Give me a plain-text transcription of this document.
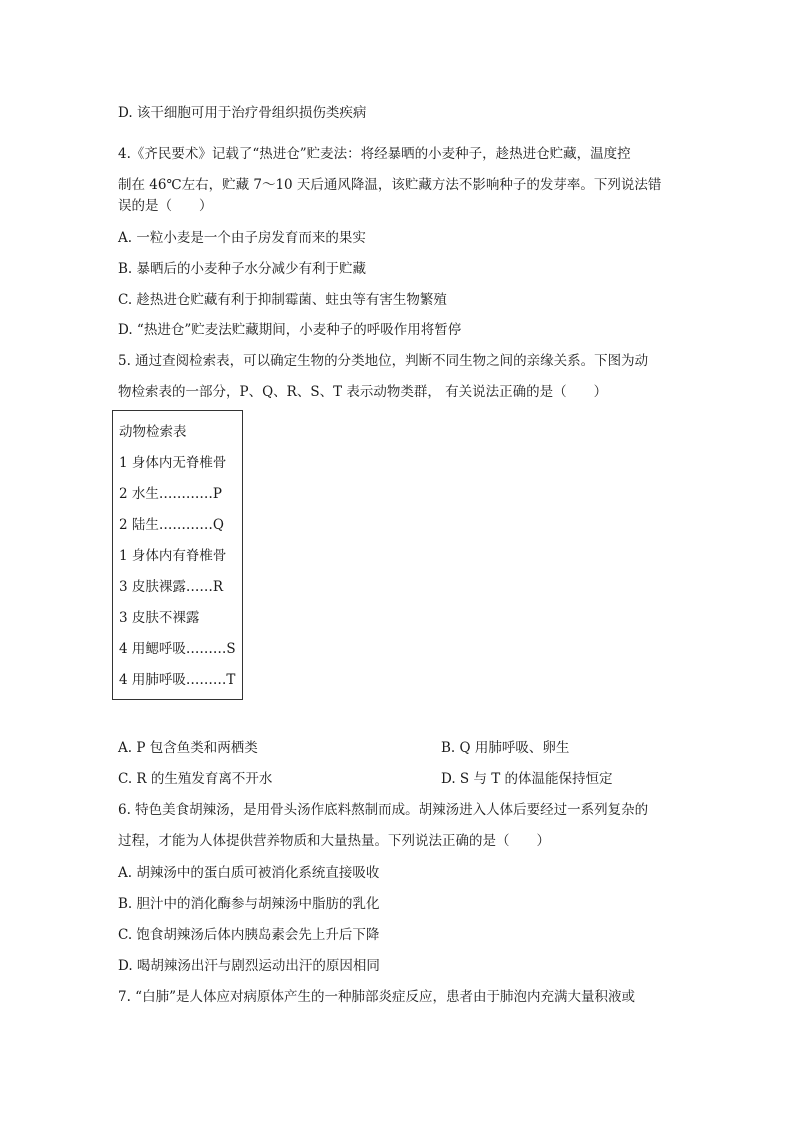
D. 该干细胞可用于治疗骨组织损伤类疾病
4.《齐民要术》记载了“热进仓”贮麦法：将经暴晒的小麦种子，趁热进仓贮藏，温度控
制在 46℃左右，贮藏 7～10 天后通风降温，该贮藏方法不影响种子的发芽率。下列说法错
误的是（　　）
A. 一粒小麦是一个由子房发育而来的果实
B. 暴晒后的小麦种子水分减少有利于贮藏
C. 趁热进仓贮藏有利于抑制霉菌、蛀虫等有害生物繁殖
D. “热进仓”贮麦法贮藏期间，小麦种子的呼吸作用将暂停
5. 通过查阅检索表，可以确定生物的分类地位，判断不同生物之间的亲缘关系。下图为动
物检索表的一部分，P、Q、R、S、T 表示动物类群， 有关说法正确的是（　　）
动物检索表
1 身体内无脊椎骨
2 水生…………P
2 陆生…………Q
1 身体内有脊椎骨
3 皮肤裸露……R
3 皮肤不裸露
4 用鳃呼吸………S
4 用肺呼吸………T
A. P 包含鱼类和两栖类	B. Q 用肺呼吸、卵生
C. R 的生殖发育离不开水	D. S 与 T 的体温能保持恒定
6. 特色美食胡辣汤，是用骨头汤作底料熬制而成。胡辣汤进入人体后要经过一系列复杂的
过程，才能为人体提供营养物质和大量热量。下列说法正确的是（　　）
A. 胡辣汤中的蛋白质可被消化系统直接吸收
B. 胆汁中的消化酶参与胡辣汤中脂肪的乳化
C. 饱食胡辣汤后体内胰岛素会先上升后下降
D. 喝胡辣汤出汗与剧烈运动出汗的原因相同
7. “白肺”是人体应对病原体产生的一种肺部炎症反应，患者由于肺泡内充满大量积液或
